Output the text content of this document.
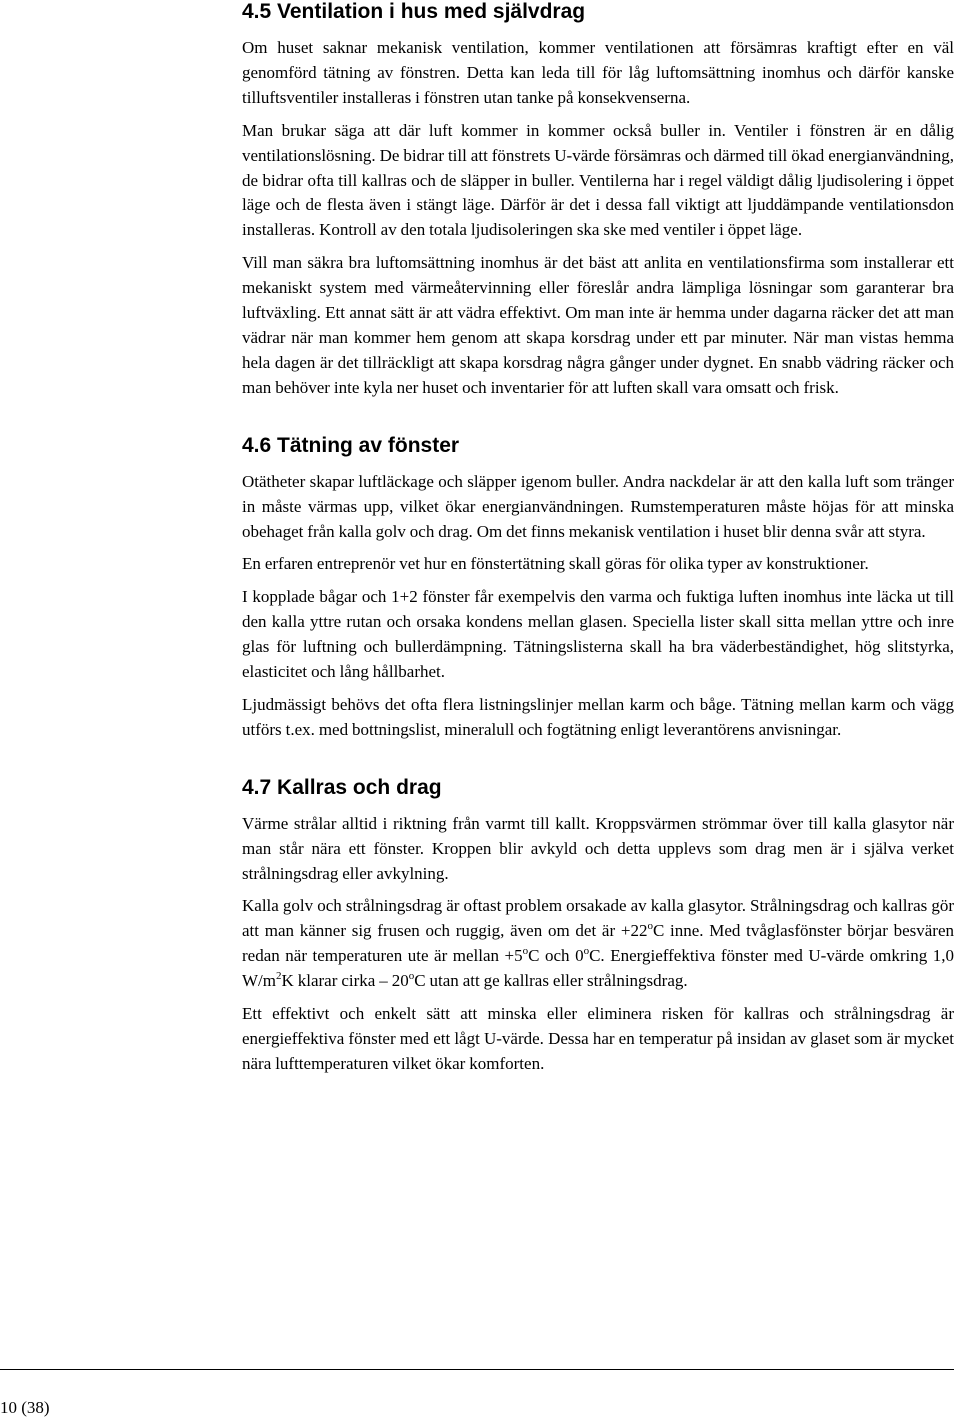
4.5 Ventilation i hus med självdrag

Om huset saknar mekanisk ventilation, kommer ventilationen att försämras kraftigt efter en väl genomförd tätning av fönstren. Detta kan leda till för låg luftomsättning inomhus och därför kanske tilluftsventiler installeras i fönstren utan tanke på konsekvenserna.

Man brukar säga att där luft kommer in kommer också buller in. Ventiler i fönstren är en dålig ventilationslösning. De bidrar till att fönstrets U-värde försämras och därmed till ökad energianvändning, de bidrar ofta till kallras och de släpper in buller. Ventilerna har i regel väldigt dålig ljudisolering i öppet läge och de flesta även i stängt läge. Därför är det i dessa fall viktigt att ljuddämpande ventilationsdon installeras. Kontroll av den totala ljudisoleringen ska ske med ventiler i öppet läge.

Vill man säkra bra luftomsättning inomhus är det bäst att anlita en ventilationsfirma som installerar ett mekaniskt system med värmeåtervinning eller föreslår andra lämpliga lösningar som garanterar bra luftväxling. Ett annat sätt är att vädra effektivt. Om man inte är hemma under dagarna räcker det att man vädrar när man kommer hem genom att skapa korsdrag under ett par minuter. När man vistas hemma hela dagen är det tillräckligt att skapa korsdrag några gånger under dygnet. En snabb vädring räcker och man behöver inte kyla ner huset och inventarier för att luften skall vara omsatt och frisk.

4.6 Tätning av fönster

Otätheter skapar luftläckage och släpper igenom buller. Andra nackdelar är att den kalla luft som tränger in måste värmas upp, vilket ökar energianvändningen. Rumstemperaturen måste höjas för att minska obehaget från kalla golv och drag. Om det finns mekanisk ventilation i huset blir denna svår att styra.

En erfaren entreprenör vet hur en fönstertätning skall göras för olika typer av konstruktioner.

I kopplade bågar och 1+2 fönster får exempelvis den varma och fuktiga luften inomhus inte läcka ut till den kalla yttre rutan och orsaka kondens mellan glasen. Speciella lister skall sitta mellan yttre och inre glas för luftning och bullerdämpning. Tätningslisterna skall ha bra väderbeständighet, hög slitstyrka, elasticitet och lång hållbarhet.

Ljudmässigt behövs det ofta flera listningslinjer mellan karm och båge. Tätning mellan karm och vägg utförs t.ex. med bottningslist, mineralull och fogtätning enligt leverantörens anvisningar.

4.7 Kallras och drag

Värme strålar alltid i riktning från varmt till kallt. Kroppsvärmen strömmar över till kalla glasytor när man står nära ett fönster. Kroppen blir avkyld och detta upplevs som drag men är i själva verket strålningsdrag eller avkylning.

Kalla golv och strålningsdrag är oftast problem orsakade av kalla glasytor. Strålningsdrag och kallras gör att man känner sig frusen och ruggig, även om det är $+22^oC$ inne. Med tvåglasfönster börjar besvären redan när temperaturen ute är mellan $+5^oC$ och 0$^o$C. Energieffektiva fönster med U-värde omkring 1,0 $W/m^2K$ klarar cirka – 20$^o$C utan att ge kallras eller strålningsdrag.

Ett effektivt och enkelt sätt att minska eller eliminera risken för kallras och strålningsdrag är energieffektiva fönster med ett lågt U-värde. Dessa har en temperatur på insidan av glaset som är mycket nära lufttemperaturen vilket ökar komforten.

10 (38)
